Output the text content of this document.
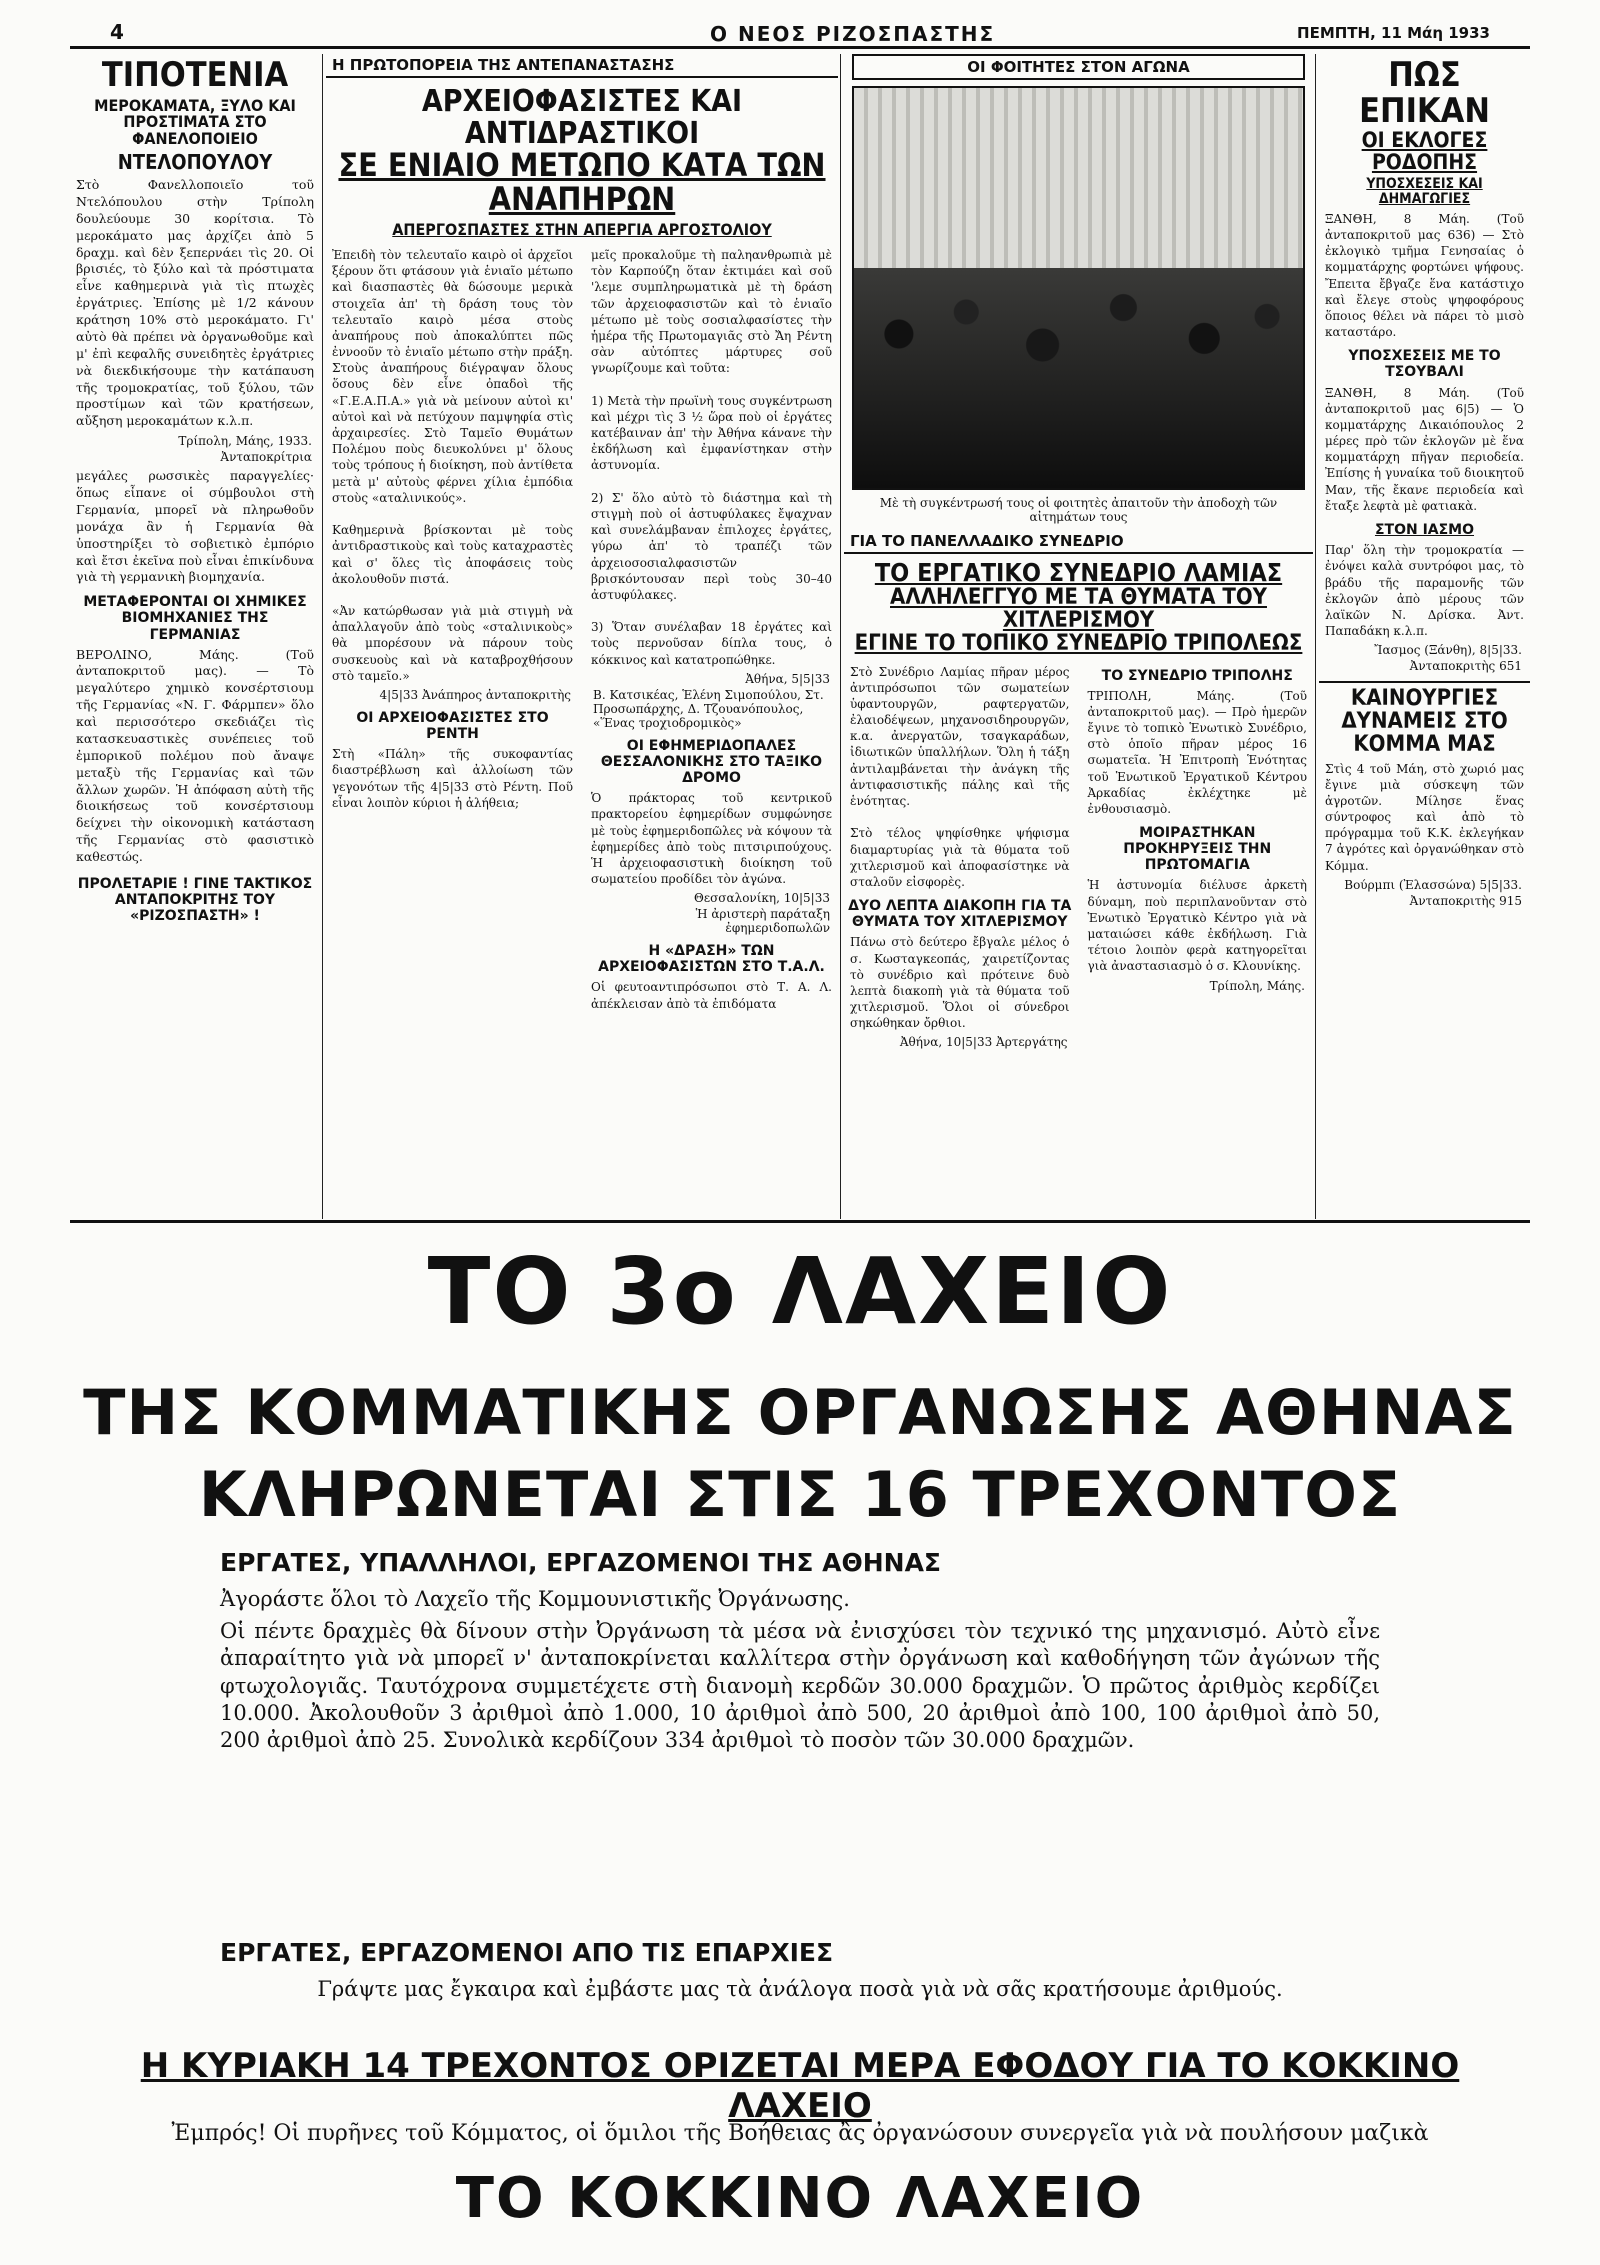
4	Ο ΝΕΟΣ ΡΙΖΟΣΠΑΣΤΗΣ	ΠΕΜΠΤΗ, 11 Μάη 1933
ΤΙΠΟΤΕΝΙΑ
ΜΕΡΟΚΑΜΑΤΑ, ΞΥΛΟ ΚΑΙ ΠΡΟΣΤΙΜΑΤΑ ΣΤΟ ΦΑΝΕΛΟΠΟΙΕΙΟ
ΝΤΕΛΟΠΟΥΛΟΥ

Στὸ Φανελλοποιεῖο τοῦ Ντελόπουλου στὴν Τρίπολη δουλεύουμε 30 κορίτσια. Τὸ μεροκάματο μας ἀρχίζει ἀπὸ 5 δραχμ. καὶ δὲν ξεπερνάει τὶς 20. Οἱ βρισιές, τὸ ξύλο καὶ τὰ πρόστιματα εἶνε καθημερινὰ γιὰ τὶς πτωχὲς ἐργάτριες. Ἐπίσης μὲ 1/2 κάνουν κράτηση 10% στὸ μεροκάματο. Γι' αὐτὸ θὰ πρέπει νὰ ὀργανωθοῦμε καὶ μ' ἐπὶ κεφαλῆς συνειδητὲς ἐργάτριες νὰ διεκδικήσουμε τὴν κατάπαυση τῆς τρομοκρατίας, τοῦ ξύλου, τῶν προστίμων καὶ τῶν κρατήσεων, αὔξηση μεροκαμάτων κ.λ.π.

Τρίπολη, Μάης, 1933.
Ἀνταποκρίτρια

μεγάλες ρωσσικὲς παραγγελίες· ὅπως εἶπανε οἱ σύμβουλοι στὴ Γερμανία, μπορεῖ νὰ πληρωθοῦν μονάχα ἂν ἡ Γερμανία θὰ ὑποστηρίξει τὸ σοβιετικὸ ἐμπόριο καὶ ἔτσι ἐκεῖνα ποὺ εἶναι ἐπικίνδυνα γιὰ τὴ γερμανικὴ βιομηχανία.

ΜΕΤΑΦΕΡΟΝΤΑΙ ΟΙ ΧΗΜΙΚΕΣ ΒΙΟΜΗΧΑΝΙΕΣ ΤΗΣ ΓΕΡΜΑΝΙΑΣ

ΒΕΡΟΛΙΝΟ, Μάης. (Τοῦ ἀνταποκριτοῦ μας). — Τὸ μεγαλύτερο χημικὸ κονσέρτσιουμ τῆς Γερμανίας «Ν. Γ. Φάρμπεν» ὅλο καὶ περισσότερο σκεδιάζει τὶς κατασκευαστικὲς συνέπειες τοῦ ἐμπορικοῦ πολέμου ποὺ ἄναψε μεταξὺ τῆς Γερμανίας καὶ τῶν ἄλλων χωρῶν. Ἡ ἀπόφαση αὐτὴ τῆς διοικήσεως τοῦ κονσέρτσιουμ δείχνει τὴν οἰκονομικὴ κατάσταση τῆς Γερμανίας στὸ φασιστικὸ καθεστώς.

ΠΡΟΛΕΤΑΡΙΕ ! ΓΙΝΕ ΤΑΚΤΙΚΟΣ ΑΝΤΑΠΟΚΡΙΤΗΣ ΤΟΥ «ΡΙΖΟΣΠΑΣΤΗ» !
Η ΠΡΩΤΟΠΟΡΕΙΑ ΤΗΣ ΑΝΤΕΠΑΝΑΣΤΑΣΗΣ
ΑΡΧΕΙΟΦΑΣΙΣΤΕΣ ΚΑΙ ΑΝΤΙΔΡΑΣΤΙΚΟΙ
ΣΕ ΕΝΙΑΙΟ ΜΕΤΩΠΟ ΚΑΤΑ ΤΩΝ ΑΝΑΠΗΡΩΝ
ΑΠΕΡΓΟΣΠΑΣΤΕΣ ΣΤΗΝ ΑΠΕΡΓΙΑ ΑΡΓΟΣΤΟΛΙΟΥ

Ἐπειδὴ τὸν τελευταῖο καιρὸ οἱ ἀρχεῖοι ξέρουν ὅτι φτάσουν γιὰ ἑνιαῖο μέτωπο καὶ διασπαστὲς θὰ δώσουμε μερικὰ στοιχεῖα ἀπ' τὴ δράση τους τὸν τελευταῖο καιρὸ μέσα στοὺς ἀναπήρους ποὺ ἀποκαλύπτει πῶς ἐννοοῦν τὸ ἑνιαῖο μέτωπο στὴν πράξη. Στοὺς ἀναπήρους διέγραψαν ὅλους ὅσους δὲν εἶνε ὀπαδοὶ τῆς «Γ.Ε.Α.Π.Α.» γιὰ νὰ μείνουν αὐτοὶ κι' αὐτοὶ καὶ νὰ πετύχουν παμψηφία στὶς ἀρχαιρεσίες. Στὸ Ταμεῖο Θυμάτων Πολέμου ποὺς διευκολύνει μ' ὅλους τοὺς τρόπους ἡ διοίκηση, ποὺ ἀντίθετα μετὰ μ' αὐτοὺς φέρνει χίλια ἐμπόδια στοὺς «αταλινικούς».

Καθημερινὰ βρίσκονται μὲ τοὺς ἀντιδραστικοὺς καὶ τοὺς καταχραστὲς καὶ σ' ὅλες τὶς ἀποφάσεις τοὺς ἀκολουθοῦν πιστά.

«Ἀν κατώρθωσαν γιὰ μιὰ στιγμὴ νὰ ἀπαλλαγοῦν ἀπὸ τοὺς «σταλινικοὺς» θὰ μπορέσουν νὰ πάρουν τοὺς συσκευοὺς καὶ νὰ καταβροχθήσουν στὸ ταμεῖο.»

4|5|33 Ἀνάπηρος ἀνταποκριτὴς
ΟΙ ΑΡΧΕΙΟΦΑΣΙΣΤΕΣ ΣΤΟ ΡΕΝΤΗ

Στὴ «Πάλη» τῆς συκοφαντίας διαστρέβλωση καὶ ἀλλοίωση τῶν γεγονότων τῆς 4|5|33 στὸ Ρέντη. Ποῦ εἶναι λοιπὸν κύριοι ἡ ἀλήθεια;

μεῖς προκαλοῦμε τὴ παληανθρωπιὰ μὲ τὸν Καρπούζη ὅταν ἐκτιμάει καὶ σοῦ 'λεμε συμπληρωματικὰ μὲ τὴ δράση τῶν ἀρχειοφασιστῶν καὶ τὸ ἑνιαῖο μέτωπο μὲ τοὺς σοσιαλφασίστες τὴν ἡμέρα τῆς Πρωτομαγιᾶς στὸ Ἄη Ρέντη σὰν αὐτόπτες μάρτυρες σοῦ γνωρίζουμε καὶ τοῦτα:

1) Μετὰ τὴν πρωϊνὴ τους συγκέντρωση καὶ μέχρι τὶς 3 ½ ὥρα ποὺ οἱ ἐργάτες κατέβαιναν ἀπ' τὴν Ἀθήνα κάνανε τὴν ἐκδήλωση καὶ ἐμφανίστηκαν στὴν ἀστυνομία.

2) Σ' ὅλο αὐτὸ τὸ διάστημα καὶ τὴ στιγμὴ ποὺ οἱ ἀστυφύλακες ἔψαχναν καὶ συνελάμβαναν ἐπιλοχες ἐργάτες, γύρω ἀπ' τὸ τραπέζι τῶν ἀρχειοσοσιαλφασιστῶν βρισκόντουσαν περὶ τοὺς 30–40 ἀστυφύλακες.

3) Ὅταν συνέλαβαν 18 ἐργάτες καὶ τοὺς περνοῦσαν δίπλα τους, ὁ κόκκινος καὶ κατατροπώθηκε.

Ἀθήνα, 5|5|33
Β. Κατσικέας, Ἑλένη Σιμοπούλου, Στ. Προσωπάρχης, Δ. Τζουανόπουλος, «Ἕνας τροχιοδρομικὸς»
ΟΙ ΕΦΗΜΕΡΙΔΟΠΑΛΕΣ ΘΕΣΣΑΛΟΝΙΚΗΣ ΣΤΟ ΤΑΞΙΚΟ ΔΡΟΜΟ

Ὁ πράκτορας τοῦ κεντρικοῦ πρακτορείου ἐφημερίδων συμφώνησε μὲ τοὺς ἐφημεριδοπῶλες νὰ κόψουν τὰ ἐφημερίδες ἀπὸ τοὺς πιτσιριπούχους. Ἡ ἀρχειοφασιστικὴ διοίκηση τοῦ σωματείου προδίδει τὸν ἀγώνα.

Θεσσαλονίκη, 10|5|33
Ἡ ἀριστερὴ παράταξη ἐφημεριδοπωλῶν
Η «ΔΡΑΣΗ» ΤΩΝ ΑΡΧΕΙΟΦΑΣΙΣΤΩΝ ΣΤΟ Τ.Α.Λ.

Οἱ φευτοαντιπρόσωποι στὸ Τ. Α. Λ. ἀπέκλεισαν ἀπὸ τὰ ἐπιδόματα

ΟΙ ΦΟΙΤΗΤΕΣ ΣΤΟΝ ΑΓΩΝΑ
Μὲ τὴ συγκέντρωσή τους οἱ φοιτητὲς ἀπαιτοῦν τὴν ἀποδοχὴ τῶν αἰτημάτων τους
ΓΙΑ ΤΟ ΠΑΝΕΛΛΑΔΙΚΟ ΣΥΝΕΔΡΙΟ
ΤΟ ΕΡΓΑΤΙΚΟ ΣΥΝΕΔΡΙΟ ΛΑΜΙΑΣ
ΑΛΛΗΛΕΓΓΥΟ ΜΕ ΤΑ ΘΥΜΑΤΑ ΤΟΥ ΧΙΤΛΕΡΙΣΜΟΥ
ΕΓΙΝΕ ΤΟ ΤΟΠΙΚΟ ΣΥΝΕΔΡΙΟ ΤΡΙΠΟΛΕΩΣ

Στὸ Συνέδριο Λαμίας πῆραν μέρος ἀντιπρόσωποι τῶν σωματείων ὑφαντουργῶν, ραφτεργατῶν, ἐλαιοδέψεων, μηχανοσιδηρουργῶν, κ.α. ἀνεργατῶν, τσαγκαράδων, ἰδιωτικῶν ὑπαλλήλων. Ὅλη ἡ τάξη ἀντιλαμβάνεται τὴν ἀνάγκη τῆς ἀντιφασιστικῆς πάλης καὶ τῆς ἑνότητας.

Στὸ τέλος ψηφίσθηκε ψήφισμα διαμαρτυρίας γιὰ τὰ θύματα τοῦ χιτλερισμοῦ καὶ ἀποφασίστηκε νὰ σταλοῦν εἰσφορὲς.

ΔΥΟ ΛΕΠΤΑ ΔΙΑΚΟΠΗ ΓΙΑ ΤΑ ΘΥΜΑΤΑ ΤΟΥ ΧΙΤΛΕΡΙΣΜΟΥ

Πάνω στὸ δεύτερο ἔβγαλε μέλος ὁ σ. Κωσταγκεοπάς, χαιρετίζοντας τὸ συνέδριο καὶ πρότεινε δυὸ λεπτὰ διακοπὴ γιὰ τὰ θύματα τοῦ χιτλερισμοῦ. Ὅλοι οἱ σύνεδροι σηκώθηκαν ὄρθιοι.

Ἀθήνα, 10|5|33 Ἀρτεργάτης
ΤΟ ΣΥΝΕΔΡΙΟ ΤΡΙΠΟΛΗΣ

ΤΡΙΠΟΛΗ, Μάης. (Τοῦ ἀνταποκριτοῦ μας). — Πρὸ ἡμερῶν ἔγινε τὸ τοπικὸ Ἑνωτικὸ Συνέδριο, στὸ ὁποῖο πῆραν μέρος 16 σωματεῖα. Ἡ Ἐπιτροπὴ Ἑνότητας τοῦ Ἑνωτικοῦ Ἐργατικοῦ Κέντρου Ἀρκαδίας ἐκλέχτηκε μὲ ἐνθουσιασμὸ.

ΜΟΙΡΑΣΤΗΚΑΝ ΠΡΟΚΗΡΥΞΕΙΣ ΤΗΝ ΠΡΩΤΟΜΑΓΙΑ

Ἡ ἀστυνομία διέλυσε ἀρκετὴ δύναμη, ποὺ περιπλανοῦνταν στὸ Ἑνωτικὸ Ἐργατικὸ Κέντρο γιὰ νὰ ματαιώσει κάθε ἐκδήλωση. Γιὰ τέτοιο λοιπὸν φερὰ κατηγορεῖται γιὰ ἀναστασιασμὸ ὁ σ. Κλουνίκης.

Τρίπολη, Μάης.
ΠΩΣ ΕΠΙΚΑΝ
ΟΙ ΕΚΛΟΓΕΣ ΡΟΔΟΠΗΣ
ΥΠΟΣΧΕΣΕΙΣ ΚΑΙ ΔΗΜΑΓΩΓΙΕΣ

ΞΑΝΘΗ, 8 Μάη. (Τοῦ ἀνταποκριτοῦ μας 636) — Στὸ ἐκλογικὸ τμῆμα Γενησαίας ὁ κομματάρχης φορτώνει ψήφους. Ἔπειτα ἔβγαζε ἕνα κατάστιχο καὶ ἔλεγε στοὺς ψηφοφόρους ὅποιος θέλει νὰ πάρει τὸ μισὸ καταστάρο.

ΥΠΟΣΧΕΣΕΙΣ ΜΕ ΤΟ ΤΣΟΥΒΑΛΙ

ΞΑΝΘΗ, 8 Μάη. (Τοῦ ἀνταποκριτοῦ μας 6|5) — Ὁ κομματάρχης Δικαιόπουλος 2 μέρες πρὸ τῶν ἐκλογῶν μὲ ἕνα κομματάρχη πῆγαν περιοδεία. Ἐπίσης ἡ γυναίκα τοῦ διοικητοῦ Μαν, τῆς ἔκανε περιοδεία καὶ ἔταξε λεφτὰ μὲ φατιακὰ.

ΣΤΟΝ ΙΑΣΜΟ

Παρ' ὅλη τὴν τρομοκρατία — ἐνόψει καλὰ συντρόφοι μας, τὸ βράδυ τῆς παραμονῆς τῶν ἐκλογῶν ἀπὸ μέρους τῶν λαϊκῶν Ν. Δρίσκα. Ἀντ. Παπαδάκη κ.λ.π.

Ἴασμος (Ξάνθη), 8|5|33.
Ἀνταποκριτὴς 651
ΚΑΙΝΟΥΡΓΙΕΣ ΔΥΝΑΜΕΙΣ ΣΤΟ ΚΟΜΜΑ ΜΑΣ

Στὶς 4 τοῦ Μάη, στὸ χωριό μας ἔγινε μιὰ σύσκεψη τῶν ἀγροτῶν. Μίλησε ἕνας σύντροφος καὶ ἀπὸ τὸ πρόγραμμα τοῦ Κ.Κ. ἐκλεγήκαν 7 ἀγρότες καὶ ὀργανώθηκαν στὸ Κόμμα.

Βούρμπι (Ἐλασσώνα) 5|5|33.
Ἀνταποκριτὴς 915
ΤΟ 3ο ΛΑΧΕΙΟ
ΤΗΣ ΚΟΜΜΑΤΙΚΗΣ ΟΡΓΑΝΩΣΗΣ ΑΘΗΝΑΣ
ΚΛΗΡΩΝΕΤΑΙ ΣΤΙΣ 16 ΤΡΕΧΟΝΤΟΣ
ΕΡΓΑΤΕΣ, ΥΠΑΛΛΗΛΟΙ, ΕΡΓΑΖΟΜΕΝΟΙ ΤΗΣ ΑΘΗΝΑΣ

Ἀγοράστε ὅλοι τὸ Λαχεῖο τῆς Κομμουνιστικῆς Ὀργάνωσης.

Οἱ πέντε δραχμὲς θὰ δίνουν στὴν Ὀργάνωση τὰ μέσα νὰ ἐνισχύσει τὸν τεχνικό της μηχανισμό. Αὐτὸ εἶνε ἀπαραίτητο γιὰ νὰ μπορεῖ ν' ἀνταποκρίνεται καλλίτερα στὴν ὀργάνωση καὶ καθοδήγηση τῶν ἀγώνων τῆς φτωχολογιᾶς. Ταυτόχρονα συμμετέχετε στὴ διανομὴ κερδῶν 30.000 δραχμῶν. Ὁ πρῶτος ἀριθμὸς κερδίζει 10.000. Ἀκολουθοῦν 3 ἀριθμοὶ ἀπὸ 1.000, 10 ἀριθμοὶ ἀπὸ 500, 20 ἀριθμοὶ ἀπὸ 100, 100 ἀριθμοὶ ἀπὸ 50, 200 ἀριθμοὶ ἀπὸ 25. Συνολικὰ κερδίζουν 334 ἀριθμοὶ τὸ ποσὸν τῶν 30.000 δραχμῶν.

ΕΡΓΑΤΕΣ, ΕΡΓΑΖΟΜΕΝΟΙ ΑΠΟ ΤΙΣ ΕΠΑΡΧΙΕΣ

Γράψτε μας ἔγκαιρα καὶ ἐμβάστε μας τὰ ἀνάλογα ποσὰ γιὰ νὰ σᾶς κρατήσουμε ἀριθμούς.

Η ΚΥΡΙΑΚΗ 14 ΤΡΕΧΟΝΤΟΣ ΟΡΙΖΕΤΑΙ ΜΕΡΑ ΕΦΟΔΟΥ ΓΙΑ ΤΟ ΚΟΚΚΙΝΟ ΛΑΧΕΙΟ
Ἐμπρός! Οἱ πυρῆνες τοῦ Κόμματος, οἱ ὅμιλοι τῆς Βοήθειας ἂς ὀργανώσουν συνεργεῖα γιὰ νὰ πουλήσουν μαζικὰ
ΤΟ ΚΟΚΚΙΝΟ ΛΑΧΕΙΟ
